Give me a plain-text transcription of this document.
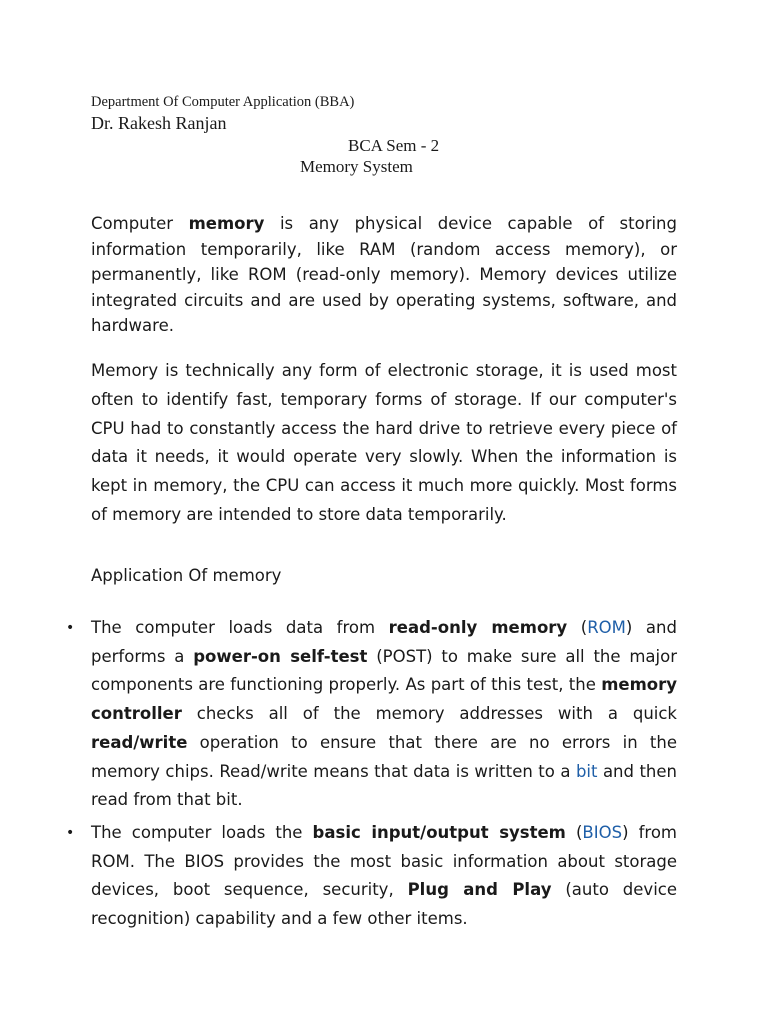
Department Of Computer Application (BBA)
Dr. Rakesh Ranjan
BCA Sem - 2
Memory System

Computer memory is any physical device capable of storing information temporarily, like RAM (random access memory), or permanently, like ROM (read-only memory). Memory devices utilize integrated circuits and are used by operating systems, software, and hardware.

Memory is technically any form of electronic storage, it is used most often to identify fast, temporary forms of storage. If our computer's CPU had to constantly access the hard drive to retrieve every piece of data it needs, it would operate very slowly. When the information is kept in memory, the CPU can access it much more quickly. Most forms of memory are intended to store data temporarily.

Application Of memory
• The computer loads data from read-only memory (ROM) and performs a power-on self-test (POST) to make sure all the major components are functioning properly. As part of this test, the memory controller checks all of the memory addresses with a quick read/write operation to ensure that there are no errors in the memory chips. Read/write means that data is written to a bit and then read from that bit.
• The computer loads the basic input/output system (BIOS) from ROM. The BIOS provides the most basic information about storage devices, boot sequence, security, Plug and Play (auto device recognition) capability and a few other items.
